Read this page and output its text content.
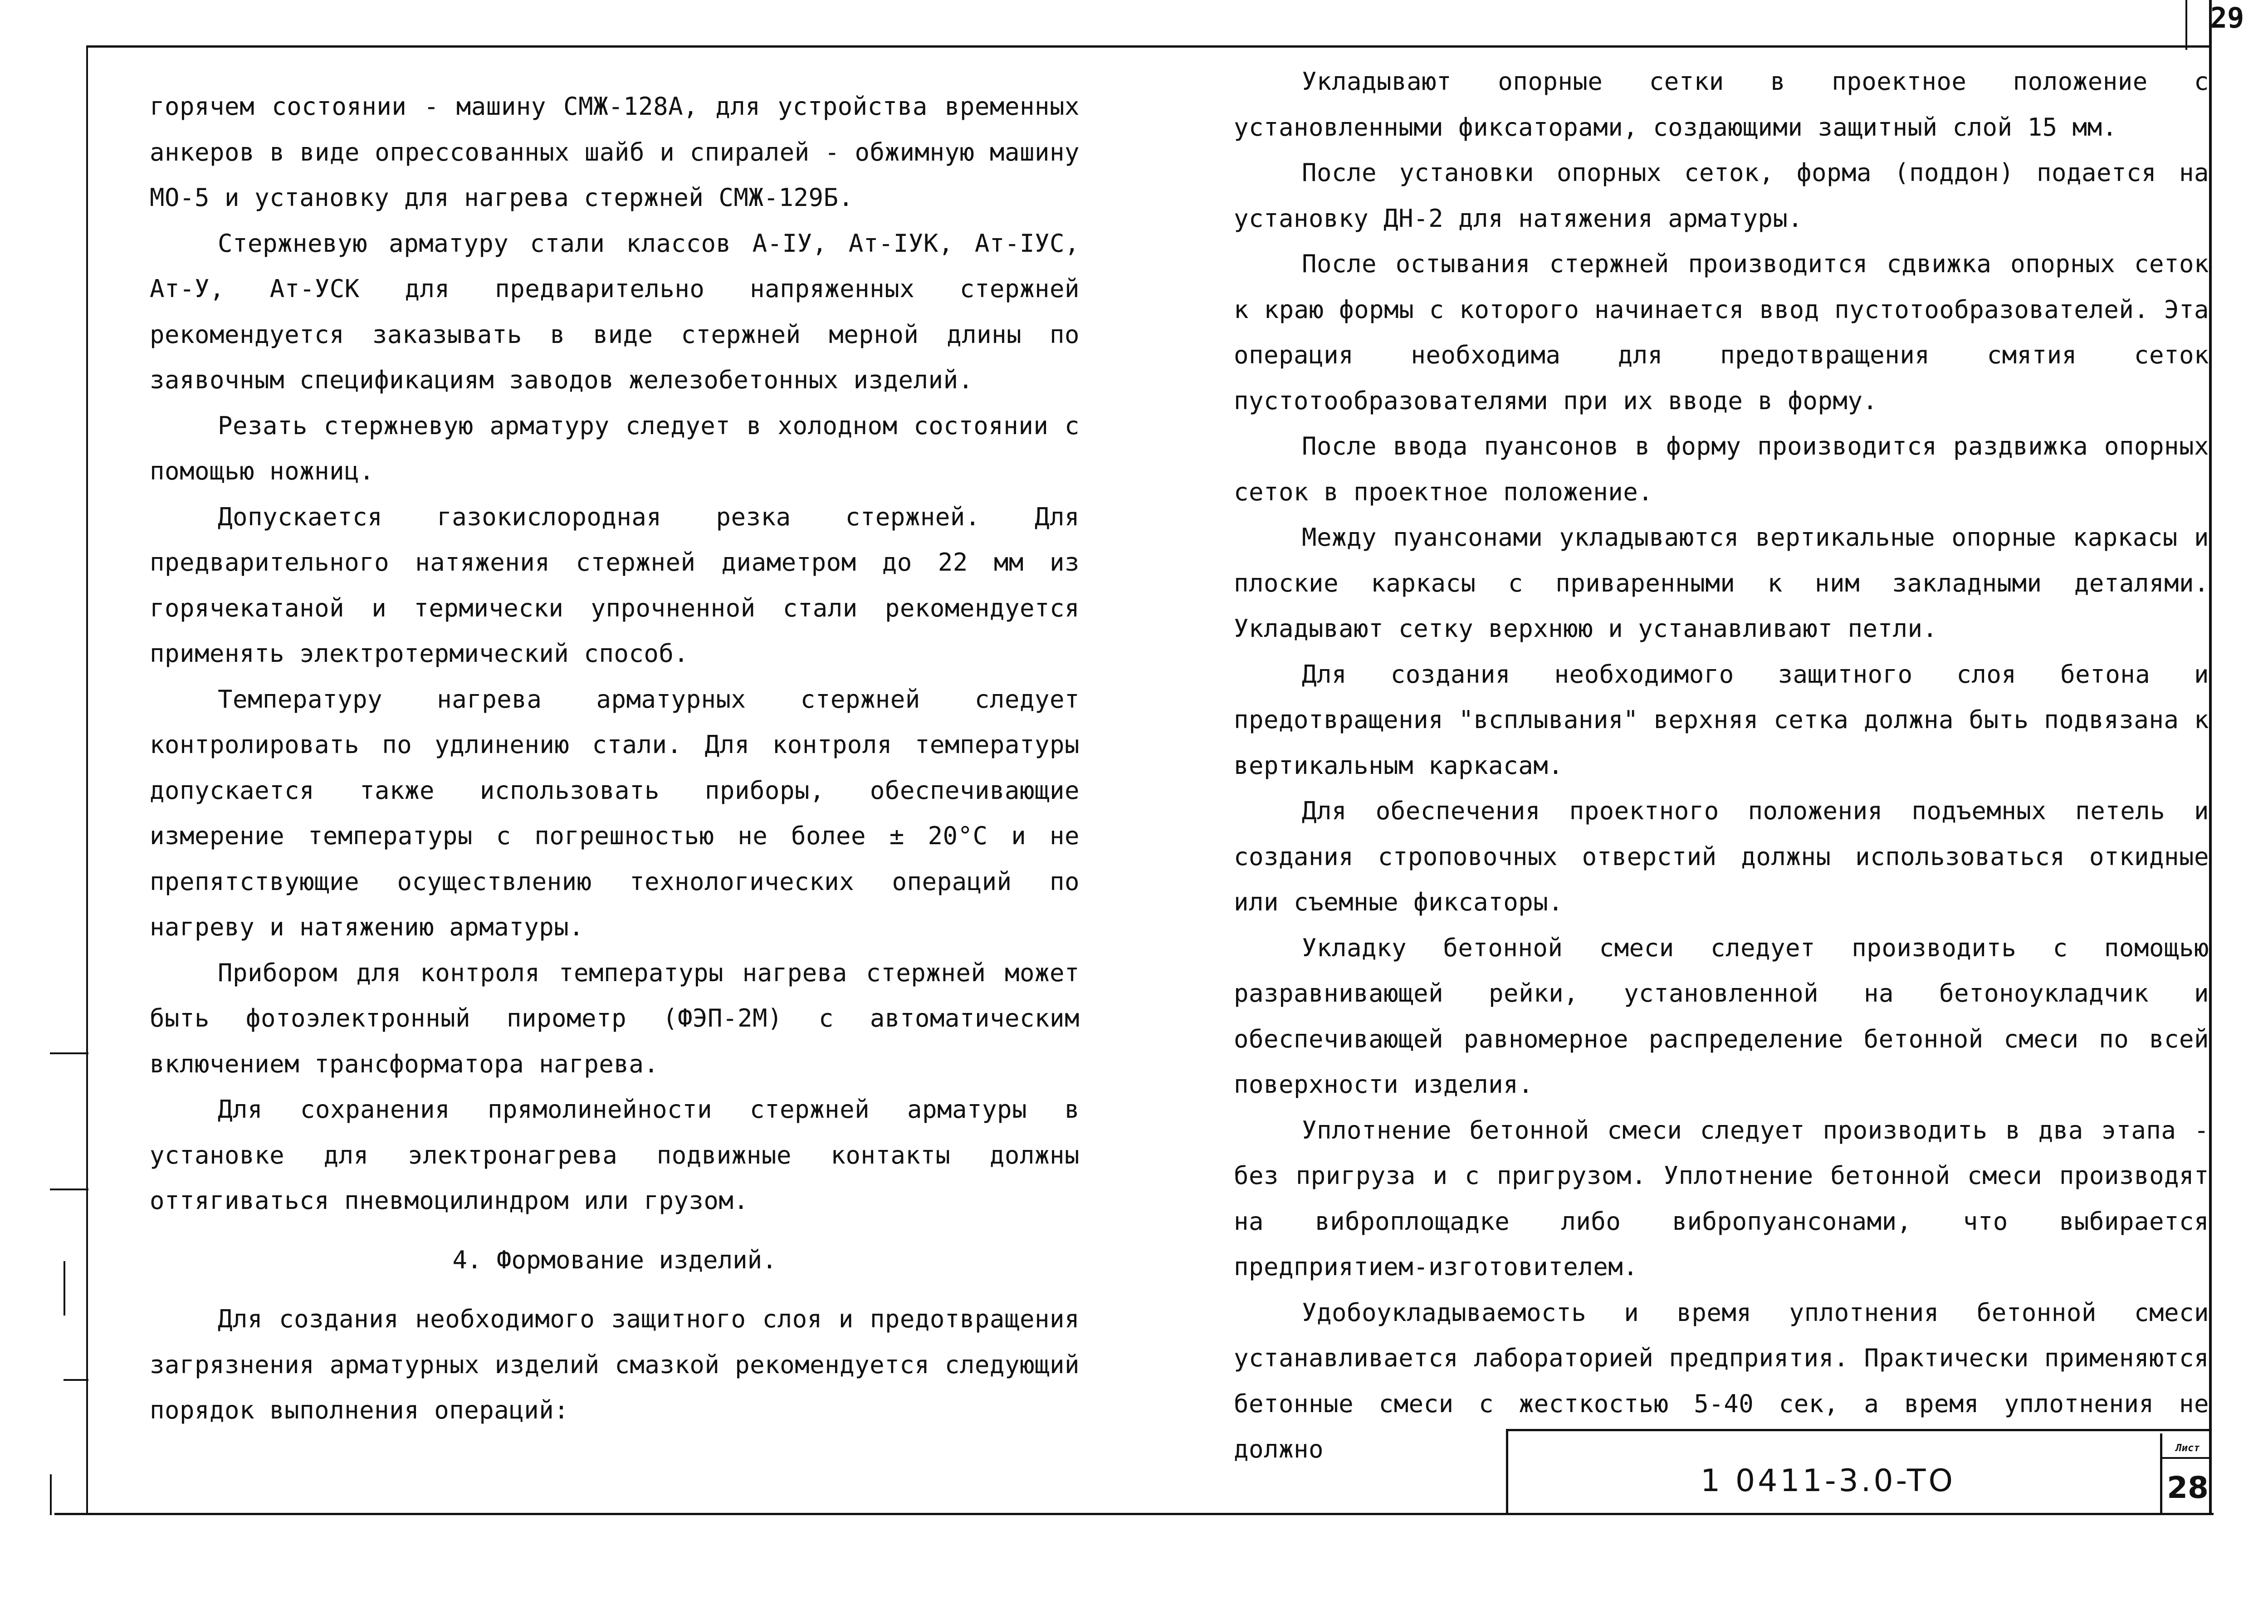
29

горячем состоянии - машину СМЖ-128А, для устройства временных анкеров в виде опрессованных шайб и спиралей - обжимную машину МО-5 и установку для нагрева стержней СМЖ-129Б.

Стержневую арматуру стали классов А-IУ, Ат-IУК, Ат-IУС, Ат-У, Ат-УСК для предварительно напряженных стержней рекомендуется заказывать в виде стержней мерной длины по заявочным спецификациям заводов железобетонных изделий.

Резать стержневую арматуру следует в холодном состоянии с помощью ножниц.

Допускается газокислородная резка стержней. Для предварительного натяжения стержней диаметром до 22 мм из горячекатаной и термически упрочненной стали рекомендуется применять электротермический способ.

Температуру нагрева арматурных стержней следует контролировать по удлинению стали. Для контроля температуры допускается также использовать приборы, обеспечивающие измерение температуры с погрешностью не более ± 20°С и не препятствующие осуществлению технологических операций по нагреву и натяжению арматуры.

Прибором для контроля температуры нагрева стержней может быть фотоэлектронный пирометр (ФЭП-2М) с автоматическим включением трансформатора нагрева.

Для сохранения прямолинейности стержней арматуры в установке для электронагрева подвижные контакты должны оттягиваться пневмоцилиндром или грузом.

4. Формование изделий.

Для создания необходимого защитного слоя и предотвращения загрязнения арматурных изделий смазкой рекомендуется следующий порядок выполнения операций:

Укладывают опорные сетки в проектное положение с установленными фиксаторами, создающими защитный слой 15 мм.

После установки опорных сеток, форма (поддон) подается на установку ДН-2 для натяжения арматуры.

После остывания стержней производится сдвижка опорных сеток к краю формы с которого начинается ввод пустотообразователей. Эта операция необходима для предотвращения смятия сеток пустотообразователями при их вводе в форму.

После ввода пуансонов в форму производится раздвижка опорных сеток в проектное положение.

Между пуансонами укладываются вертикальные опорные каркасы и плоские каркасы с приваренными к ним закладными деталями. Укладывают сетку верхнюю и устанавливают петли.

Для создания необходимого защитного слоя бетона и предотвращения "всплывания" верхняя сетка должна быть подвязана к вертикальным каркасам.

Для обеспечения проектного положения подъемных петель и создания строповочных отверстий должны использоваться откидные или съемные фиксаторы.

Укладку бетонной смеси следует производить с помощью разравнивающей рейки, установленной на бетоноукладчик и обеспечивающей равномерное распределение бетонной смеси по всей поверхности изделия.

Уплотнение бетонной смеси следует производить в два этапа - без пригруза и с пригрузом. Уплотнение бетонной смеси производят на виброплощадке либо вибропуансонами, что выбирается предприятием-изготовителем.

Удобоукладываемость и время уплотнения бетонной смеси устанавливается лабораторией предприятия. Практически применяются бетонные смеси с жесткостью 5-40 сек, а время уплотнения не должно

1 0411-3.0-TO
Лист
28
